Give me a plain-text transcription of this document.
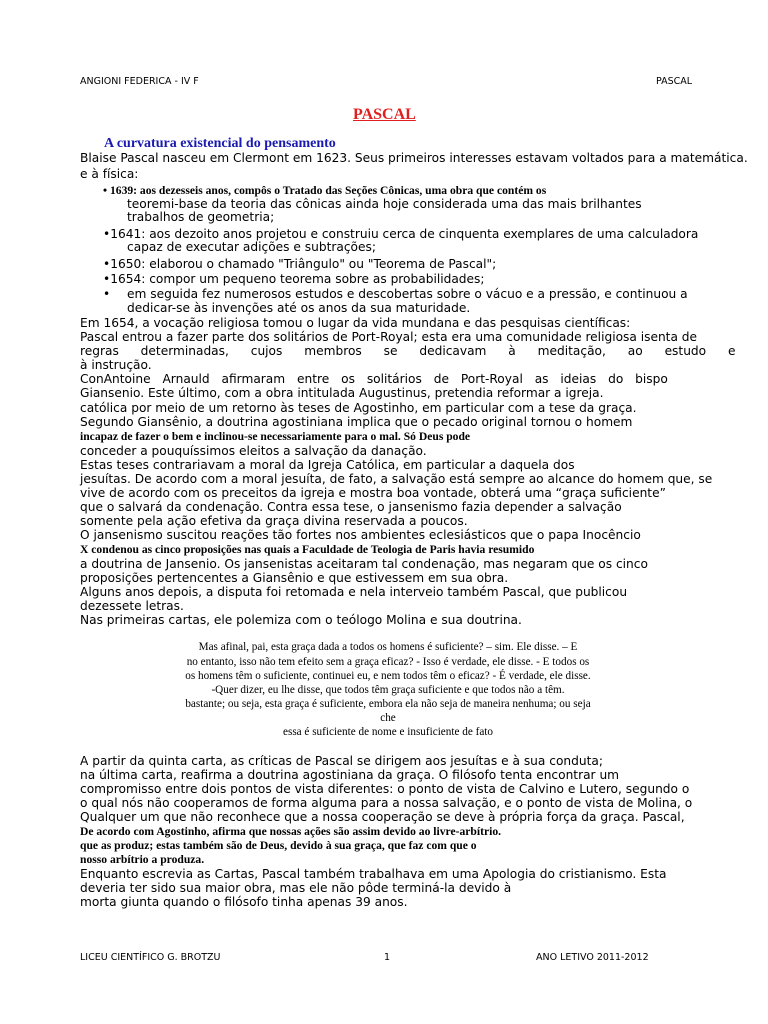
ANGIONI FEDERICA - IV F	PASCAL
PASCAL
A curvatura existencial do pensamento
Blaise Pascal nasceu em Clermont em 1623. Seus primeiros interesses estavam voltados para a matemática.
e à física:
• 1639: aos dezesseis anos, compôs o Tratado das Seções Cônicas, uma obra que contém os
teoremi-base da teoria das cônicas ainda hoje considerada uma das mais brilhantes
trabalhos de geometria;
•1641: aos dezoito anos projetou e construiu cerca de cinquenta exemplares de uma calculadora
capaz de executar adições e subtrações;
•1650: elaborou o chamado "Triângulo" ou "Teorema de Pascal";
•1654: compor um pequeno teorema sobre as probabilidades;
• em seguida fez numerosos estudos e descobertas sobre o vácuo e a pressão, e continuou a
dedicar-se às invenções até os anos da sua maturidade.
Em 1654, a vocação religiosa tomou o lugar da vida mundana e das pesquisas científicas:
Pascal entrou a fazer parte dos solitários de Port-Royal; esta era uma comunidade religiosa isenta de
regras determinadas, cujos membros se dedicavam à meditação, ao estudo e
à instrução.
ConAntoine Arnauld afirmaram entre os solitários de Port-Royal as ideias do bispo
Giansenio. Este último, com a obra intitulada Augustinus, pretendia reformar a igreja.
católica por meio de um retorno às teses de Agostinho, em particular com a tese da graça.
Segundo Giansênio, a doutrina agostiniana implica que o pecado original tornou o homem
incapaz de fazer o bem e inclinou-se necessariamente para o mal. Só Deus pode
conceder a pouquíssimos eleitos a salvação da danação.
Estas teses contrariavam a moral da Igreja Católica, em particular a daquela dos
jesuítas. De acordo com a moral jesuíta, de fato, a salvação está sempre ao alcance do homem que, se
vive de acordo com os preceitos da igreja e mostra boa vontade, obterá uma “graça suficiente”
que o salvará da condenação. Contra essa tese, o jansenismo fazia depender a salvação
somente pela ação efetiva da graça divina reservada a poucos.
O jansenismo suscitou reações tão fortes nos ambientes eclesiásticos que o papa Inocêncio
X condenou as cinco proposições nas quais a Faculdade de Teologia de Paris havia resumido
a doutrina de Jansenio. Os jansenistas aceitaram tal condenação, mas negaram que os cinco
proposições pertencentes a Giansênio e que estivessem em sua obra.
Alguns anos depois, a disputa foi retomada e nela interveio também Pascal, que publicou
dezessete letras.
Nas primeiras cartas, ele polemiza com o teólogo Molina e sua doutrina.
Mas afinal, pai, esta graça dada a todos os homens é suficiente? – sim. Ele disse. – E
no entanto, isso não tem efeito sem a graça eficaz? - Isso é verdade, ele disse. - E todos os
os homens têm o suficiente, continuei eu, e nem todos têm o eficaz? - É verdade, ele disse.
-Quer dizer, eu lhe disse, que todos têm graça suficiente e que todos não a têm.
bastante; ou seja, esta graça é suficiente, embora ela não seja de maneira nenhuma; ou seja
che
essa é suficiente de nome e insuficiente de fato
A partir da quinta carta, as críticas de Pascal se dirigem aos jesuítas e à sua conduta;
na última carta, reafirma a doutrina agostiniana da graça. O filósofo tenta encontrar um
compromisso entre dois pontos de vista diferentes: o ponto de vista de Calvino e Lutero, segundo o
o qual nós não cooperamos de forma alguma para a nossa salvação, e o ponto de vista de Molina, o
Qualquer um que não reconhece que a nossa cooperação se deve à própria força da graça. Pascal,
De acordo com Agostinho, afirma que nossas ações são assim devido ao livre-arbítrio.
que as produz; estas também são de Deus, devido à sua graça, que faz com que o
nosso arbítrio a produza.
Enquanto escrevia as Cartas, Pascal também trabalhava em uma Apologia do cristianismo. Esta
deveria ter sido sua maior obra, mas ele não pôde terminá-la devido à
morta giunta quando o filósofo tinha apenas 39 anos.
LICEU CIENTÍFICO G. BROTZU	1	ANO LETIVO 2011-2012
